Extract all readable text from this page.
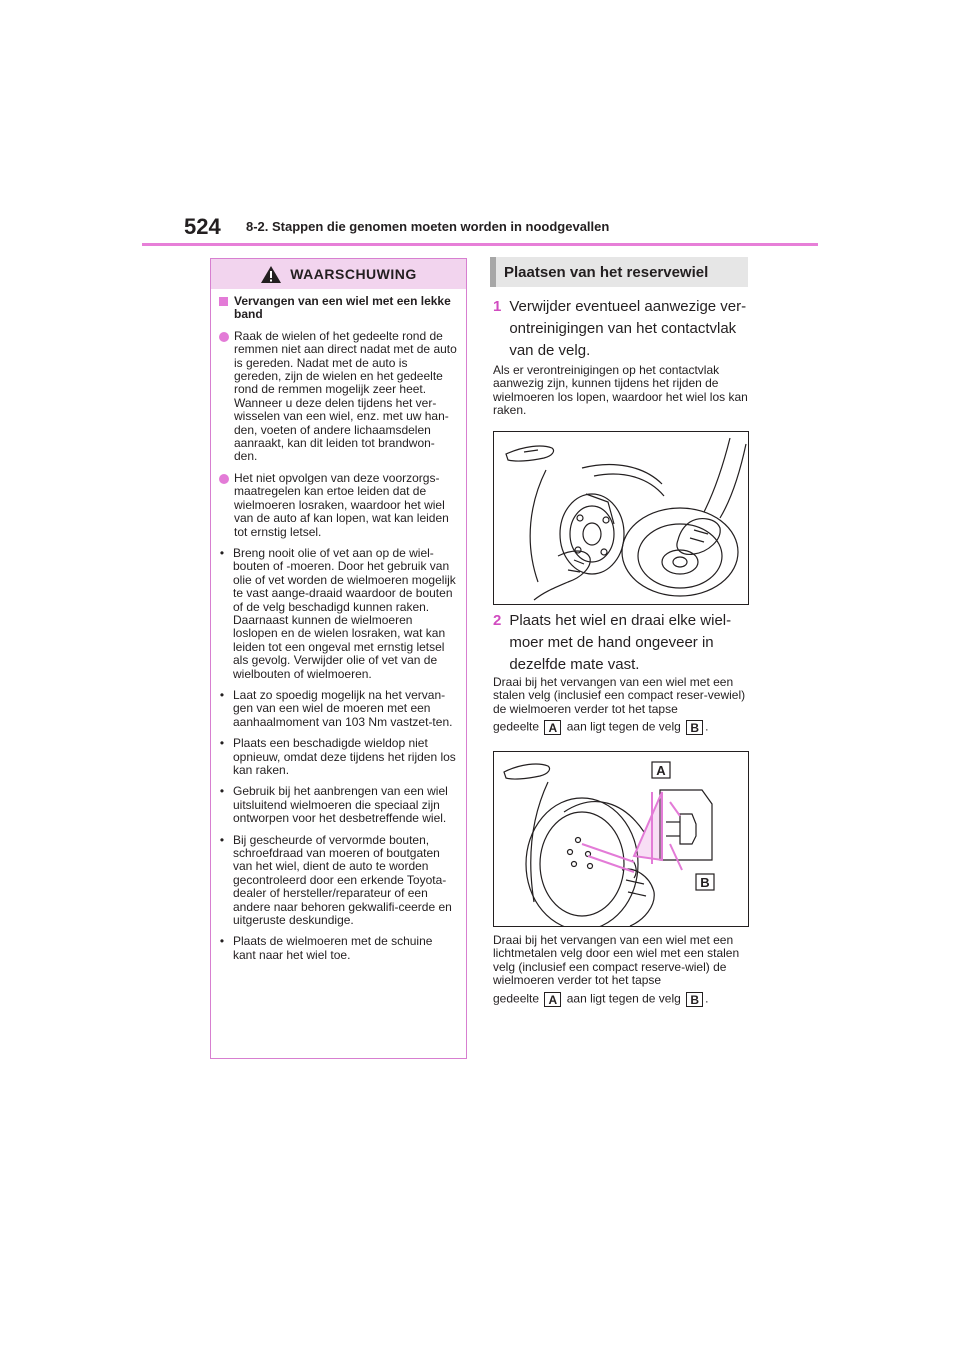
524 8-2. Stappen die genomen moeten worden in noodgevallen
WAARSCHUWING
Vervangen van een wiel met een lekke band
Raak de wielen of het gedeelte rond de remmen niet aan direct nadat met de auto is gereden. Nadat met de auto is gereden, zijn de wielen en het gedeelte rond de remmen mogelijk zeer heet. Wanneer u deze delen tijdens het ver-wisselen van een wiel, enz. met uw han-den, voeten of andere lichaamsdelen aanraakt, kan dit leiden tot brandwon-den.
Het niet opvolgen van deze voorzorgs-maatregelen kan ertoe leiden dat de wielmoeren losraken, waardoor het wiel van de auto af kan lopen, wat kan leiden tot ernstig letsel.
• Breng nooit olie of vet aan op de wiel-bouten of -moeren. Door het gebruik van olie of vet worden de wielmoeren mogelijk te vast aange-draaid waardoor de bouten of de velg beschadigd kunnen raken. Daarnaast kunnen de wielmoeren loslopen en de wielen losraken, wat kan leiden tot een ongeval met ernstig letsel als gevolg. Verwijder olie of vet van de wielbouten of wielmoeren.
• Laat zo spoedig mogelijk na het vervan-gen van een wiel de moeren met een aanhaalmoment van 103 Nm vastzet-ten.
• Plaats een beschadigde wieldop niet opnieuw, omdat deze tijdens het rijden los kan raken.
• Gebruik bij het aanbrengen van een wiel uitsluitend wielmoeren die speciaal zijn ontworpen voor het desbetreffende wiel.
• Bij gescheurde of vervormde bouten, schroefdraad van moeren of boutgaten van het wiel, dient de auto te worden gecontroleerd door een erkende Toyota-dealer of hersteller/reparateur of een andere naar behoren gekwalifi-ceerde en uitgeruste deskundige.
• Plaats de wielmoeren met de schuine kant naar het wiel toe.
Plaatsen van het reservewiel
1 Verwijder eventueel aanwezige ver-ontreinigingen van het contactvlak van de velg.
Als er verontreinigingen op het contactvlak aanwezig zijn, kunnen tijdens het rijden de wielmoeren los lopen, waardoor het wiel los kan raken.
2 Plaats het wiel en draai elke wiel-moer met de hand ongeveer in dezelfde mate vast.
Draai bij het vervangen van een wiel met een stalen velg (inclusief een compact reser-vewiel) de wielmoeren verder tot het tapse

gedeelte A aan ligt tegen de velg B .
A
B
Draai bij het vervangen van een wiel met een lichtmetalen velg door een wiel met een stalen velg (inclusief een compact reserve-wiel) de wielmoeren verder tot het tapse

gedeelte A aan ligt tegen de velg B .
